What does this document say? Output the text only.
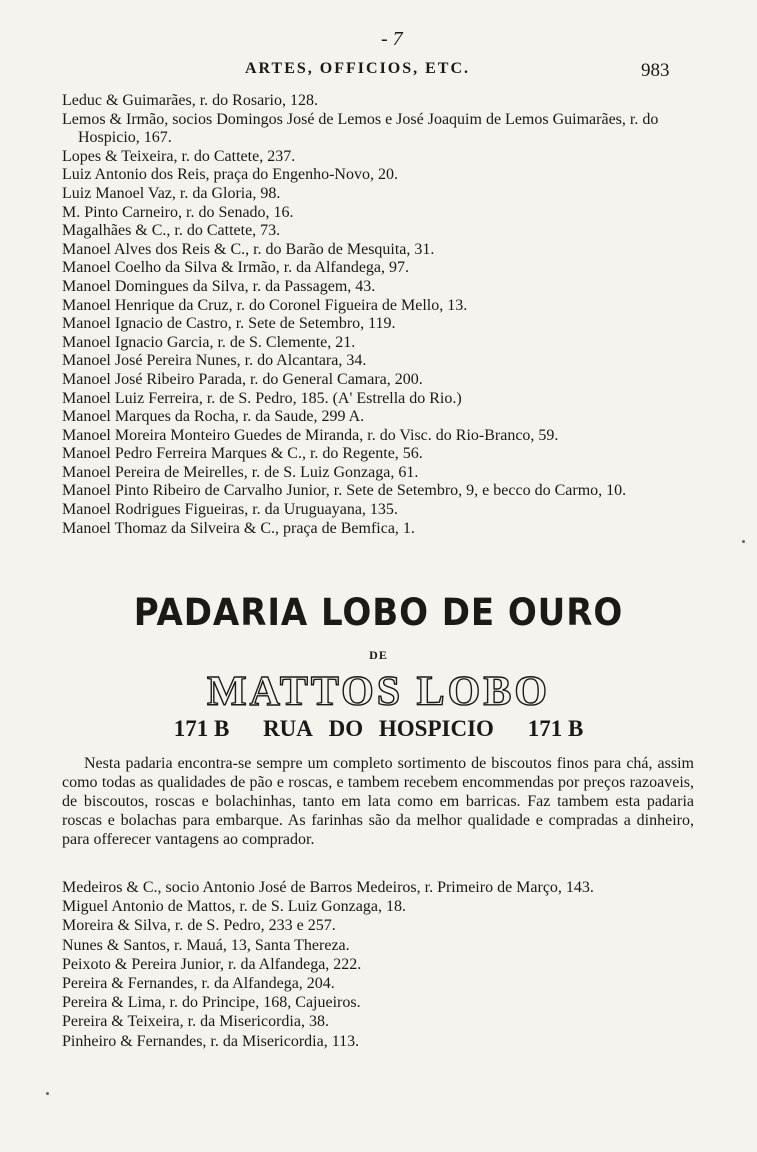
- 7
ARTES, OFFICIOS, ETC.	983

Leduc & Guimarães, r. do Rosario, 128.

Lemos & Irmão, socios Domingos José de Lemos e José Joaquim de Lemos Guimarães, r. do Hospicio, 167.

Lopes & Teixeira, r. do Cattete, 237.

Luiz Antonio dos Reis, praça do Engenho-Novo, 20.

Luiz Manoel Vaz, r. da Gloria, 98.

M. Pinto Carneiro, r. do Senado, 16.

Magalhães & C., r. do Cattete, 73.

Manoel Alves dos Reis & C., r. do Barão de Mesquita, 31.

Manoel Coelho da Silva & Irmão, r. da Alfandega, 97.

Manoel Domingues da Silva, r. da Passagem, 43.

Manoel Henrique da Cruz, r. do Coronel Figueira de Mello, 13.

Manoel Ignacio de Castro, r. Sete de Setembro, 119.

Manoel Ignacio Garcia, r. de S. Clemente, 21.

Manoel José Pereira Nunes, r. do Alcantara, 34.

Manoel José Ribeiro Parada, r. do General Camara, 200.

Manoel Luiz Ferreira, r. de S. Pedro, 185. (A' Estrella do Rio.)

Manoel Marques da Rocha, r. da Saude, 299 A.

Manoel Moreira Monteiro Guedes de Miranda, r. do Visc. do Rio-Branco, 59.

Manoel Pedro Ferreira Marques & C., r. do Regente, 56.

Manoel Pereira de Meirelles, r. de S. Luiz Gonzaga, 61.

Manoel Pinto Ribeiro de Carvalho Junior, r. Sete de Setembro, 9, e becco do Carmo, 10.

Manoel Rodrigues Figueiras, r. da Uruguayana, 135.

Manoel Thomaz da Silveira & C., praça de Bemfica, 1.

PADARIA LOBO DE OURO
DE
MATTOS LOBO
171 B RUA DO HOSPICIO 171 B

Nesta padaria encontra-se sempre um completo sortimento de biscoutos finos para chá, assim como todas as qualidades de pão e roscas, e tambem recebem encommendas por preços razoaveis, de biscoutos, roscas e bolachinhas, tanto em lata como em barricas. Faz tambem esta padaria roscas e bolachas para embarque. As farinhas são da melhor qualidade e compradas a dinheiro, para offerecer vantagens ao comprador.

Medeiros & C., socio Antonio José de Barros Medeiros, r. Primeiro de Março, 143.

Miguel Antonio de Mattos, r. de S. Luiz Gonzaga, 18.

Moreira & Silva, r. de S. Pedro, 233 e 257.

Nunes & Santos, r. Mauá, 13, Santa Thereza.

Peixoto & Pereira Junior, r. da Alfandega, 222.

Pereira & Fernandes, r. da Alfandega, 204.

Pereira & Lima, r. do Principe, 168, Cajueiros.

Pereira & Teixeira, r. da Misericordia, 38.

Pinheiro & Fernandes, r. da Misericordia, 113.
